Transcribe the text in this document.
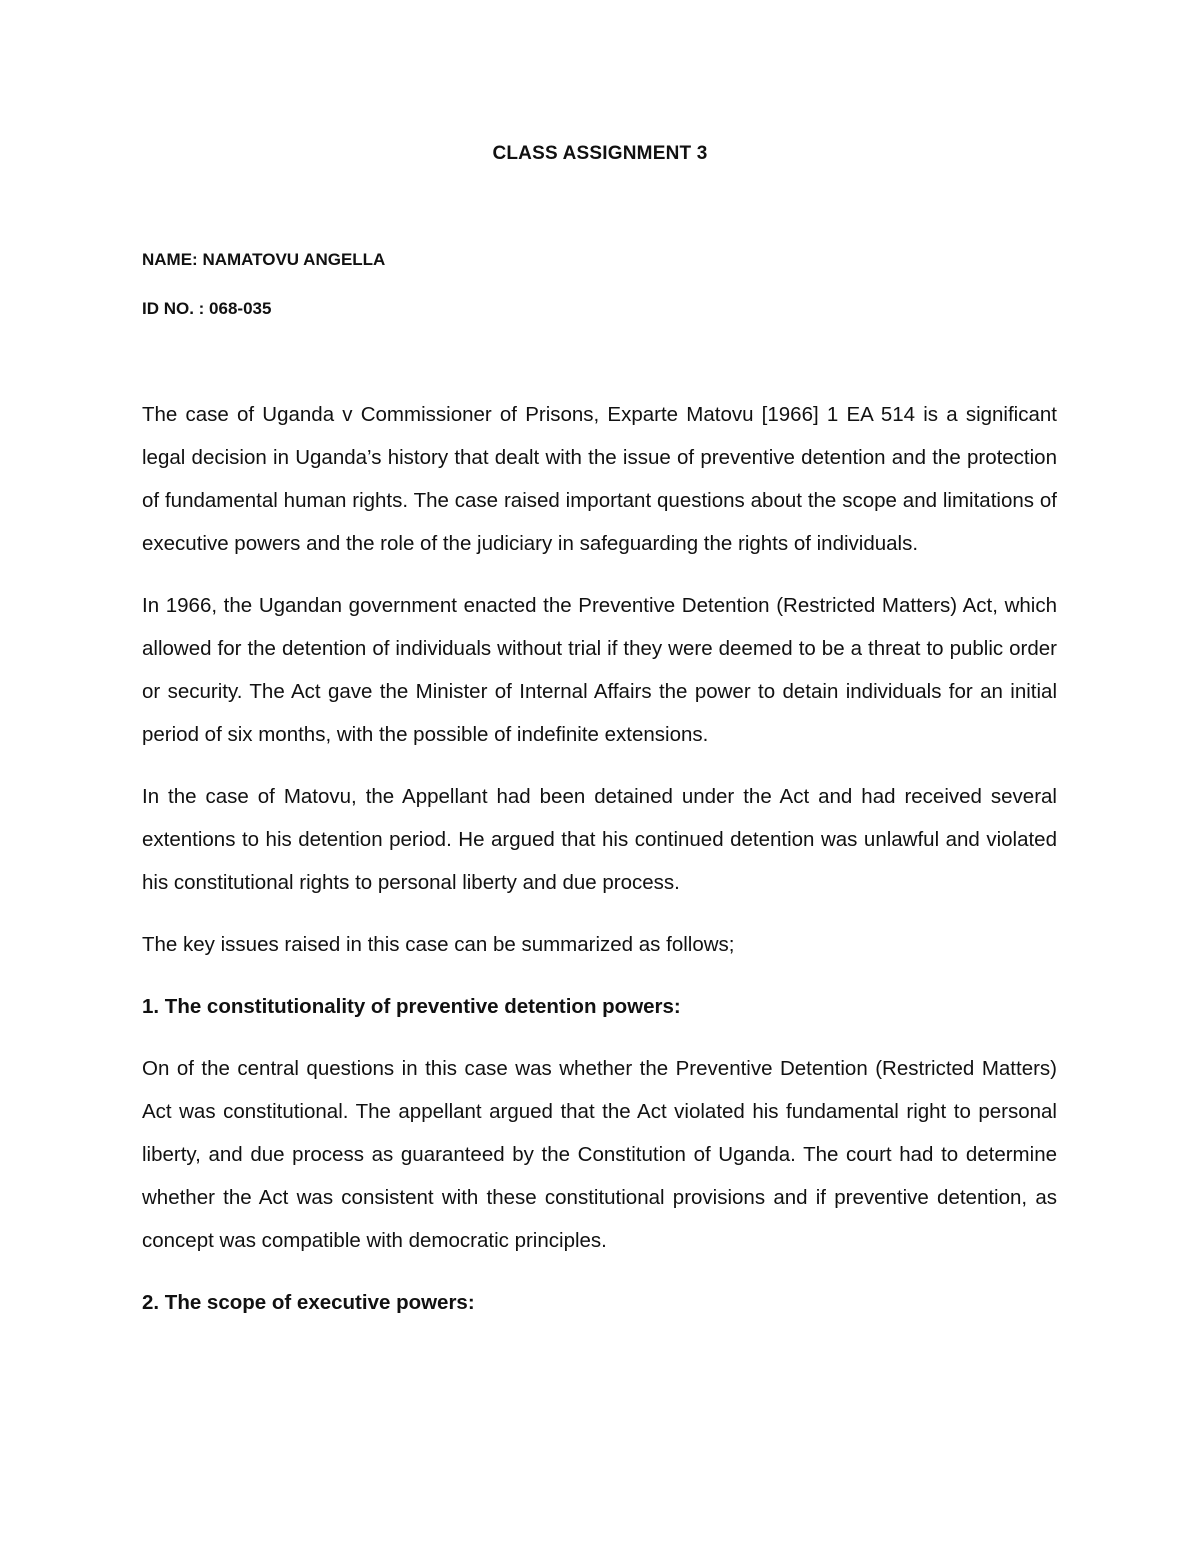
CLASS ASSIGNMENT 3
NAME: NAMATOVU ANGELLA
ID NO. : 068-035

The case of Uganda v Commissioner of Prisons, Exparte Matovu [1966] 1 EA 514 is a significant legal decision in Uganda’s history that dealt with the issue of preventive detention and the protection of fundamental human rights. The case raised important questions about the scope and limitations of executive powers and the role of the judiciary in safeguarding the rights of individuals.

In 1966, the Ugandan government enacted the Preventive Detention (Restricted Matters) Act, which allowed for the detention of individuals without trial if they were deemed to be a threat to public order or security. The Act gave the Minister of Internal Affairs the power to detain individuals for an initial period of six months, with the possible of indefinite extensions.

In the case of Matovu, the Appellant had been detained under the Act and had received several extentions to his detention period. He argued that his continued detention was unlawful and violated his constitutional rights to personal liberty and due process.

The key issues raised in this case can be summarized as follows;

1. The constitutionality of preventive detention powers:

On of the central questions in this case was whether the Preventive Detention (Restricted Matters) Act was constitutional. The appellant argued that the Act violated his fundamental right to personal liberty, and due process as guaranteed by the Constitution of Uganda. The court had to determine whether the Act was consistent with these constitutional provisions and if preventive detention, as concept was compatible with democratic principles.

2. The scope of executive powers:
